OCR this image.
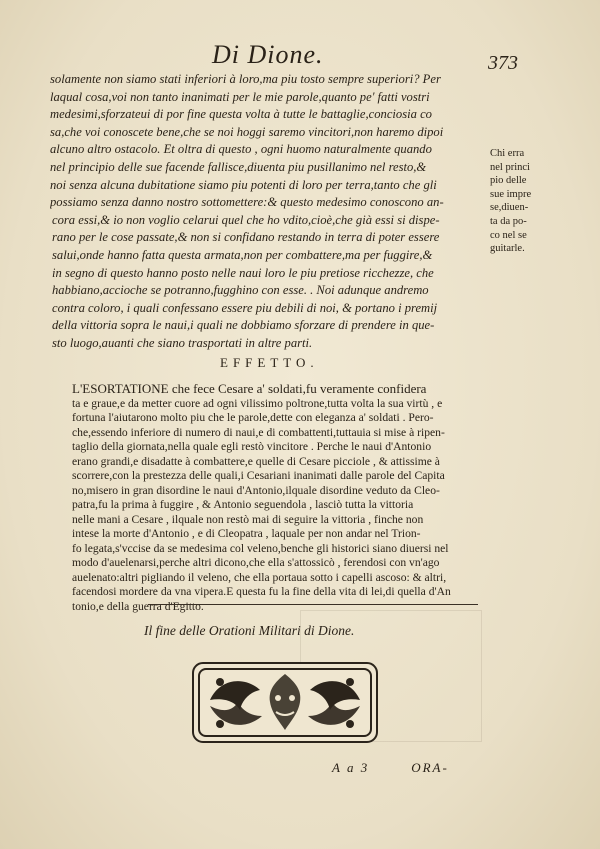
Di Dione.	373
solamente non siamo stati inferiori à loro,ma piu tosto sempre superiori? Per
laqual cosa,voi non tanto inanimati per le mie parole,quanto pe' fatti vostri
medesimi,sforzateui di por fine questa volta à tutte le battaglie,conciosia co
sa,che voi conoscete bene,che se noi hoggi saremo vincitori,non haremo dipoi
alcuno altro ostacolo. Et oltra di questo , ogni huomo naturalmente quando
nel principio delle sue facende fallisce,diuenta piu pusillanimo nel resto,&
noi senza alcuna dubitatione siamo piu potenti di loro per terra,tanto che gli
possiamo senza danno nostro sottomettere:& questo medesimo conoscono an-
cora essi,& io non voglio celarui quel che ho vdito,cioè,che già essi si dispe-
rano per le cose passate,& non si confidano restando in terra di poter essere
salui,onde hanno fatta questa armata,non per combattere,ma per fuggire,&
in segno di questo hanno posto nelle naui loro le piu pretiose ricchezze, che
habbiano,accioche se potranno,fugghino con esse. . Noi adunque andremo
contra coloro, i quali confessano essere piu debili di noi, & portano i premij
della vittoria sopra le naui,i quali ne dobbiamo sforzare di prendere in que-
sto luogo,auanti che siano trasportati in altre parti.
Chi erra
nel princi
pio delle
sue impre
se,diuen-
ta da po-
co nel se
guitarle.
EFFETTO.
L'ESORTATIONE che fece Cesare a' soldati,fu veramente confidera
ta e graue,e da metter cuore ad ogni vilissimo poltrone,tutta volta la sua virtù , e
fortuna l'aiutarono molto piu che le parole,dette con eleganza a' soldati . Pero-
che,essendo inferiore di numero di naui,e di combattenti,tuttauia si mise à ripen-
taglio della giornata,nella quale egli restò vincitore . Perche le naui d'Antonio
erano grandi,e disadatte à combattere,e quelle di Cesare picciole , & attissime à
scorrere,con la prestezza delle quali,i Cesariani inanimati dalle parole del Capita
no,misero in gran disordine le naui d'Antonio,ilquale disordine veduto da Cleo-
patra,fu la prima à fuggire , & Antonio seguendola , lasciò tutta la vittoria
nelle mani a Cesare , ilquale non restò mai di seguire la vittoria , finche non
intese la morte d'Antonio , e di Cleopatra , laquale per non andar nel Trion-
fo legata,s'vccise da se medesima col veleno,benche gli historici siano diuersi nel
modo d'auelenarsi,perche altri dicono,che ella s'attossicò , ferendosi con vn'ago
auelenato:altri pigliando il veleno, che ella portaua sotto i capelli ascoso: & altri,
facendosi mordere da vna vipera.E questa fu la fine della vita di lei,di quella d'An
tonio,e della guerra d'Egitto.
Il fine delle Orationi Militari di Dione.
A a 3	ORA-
